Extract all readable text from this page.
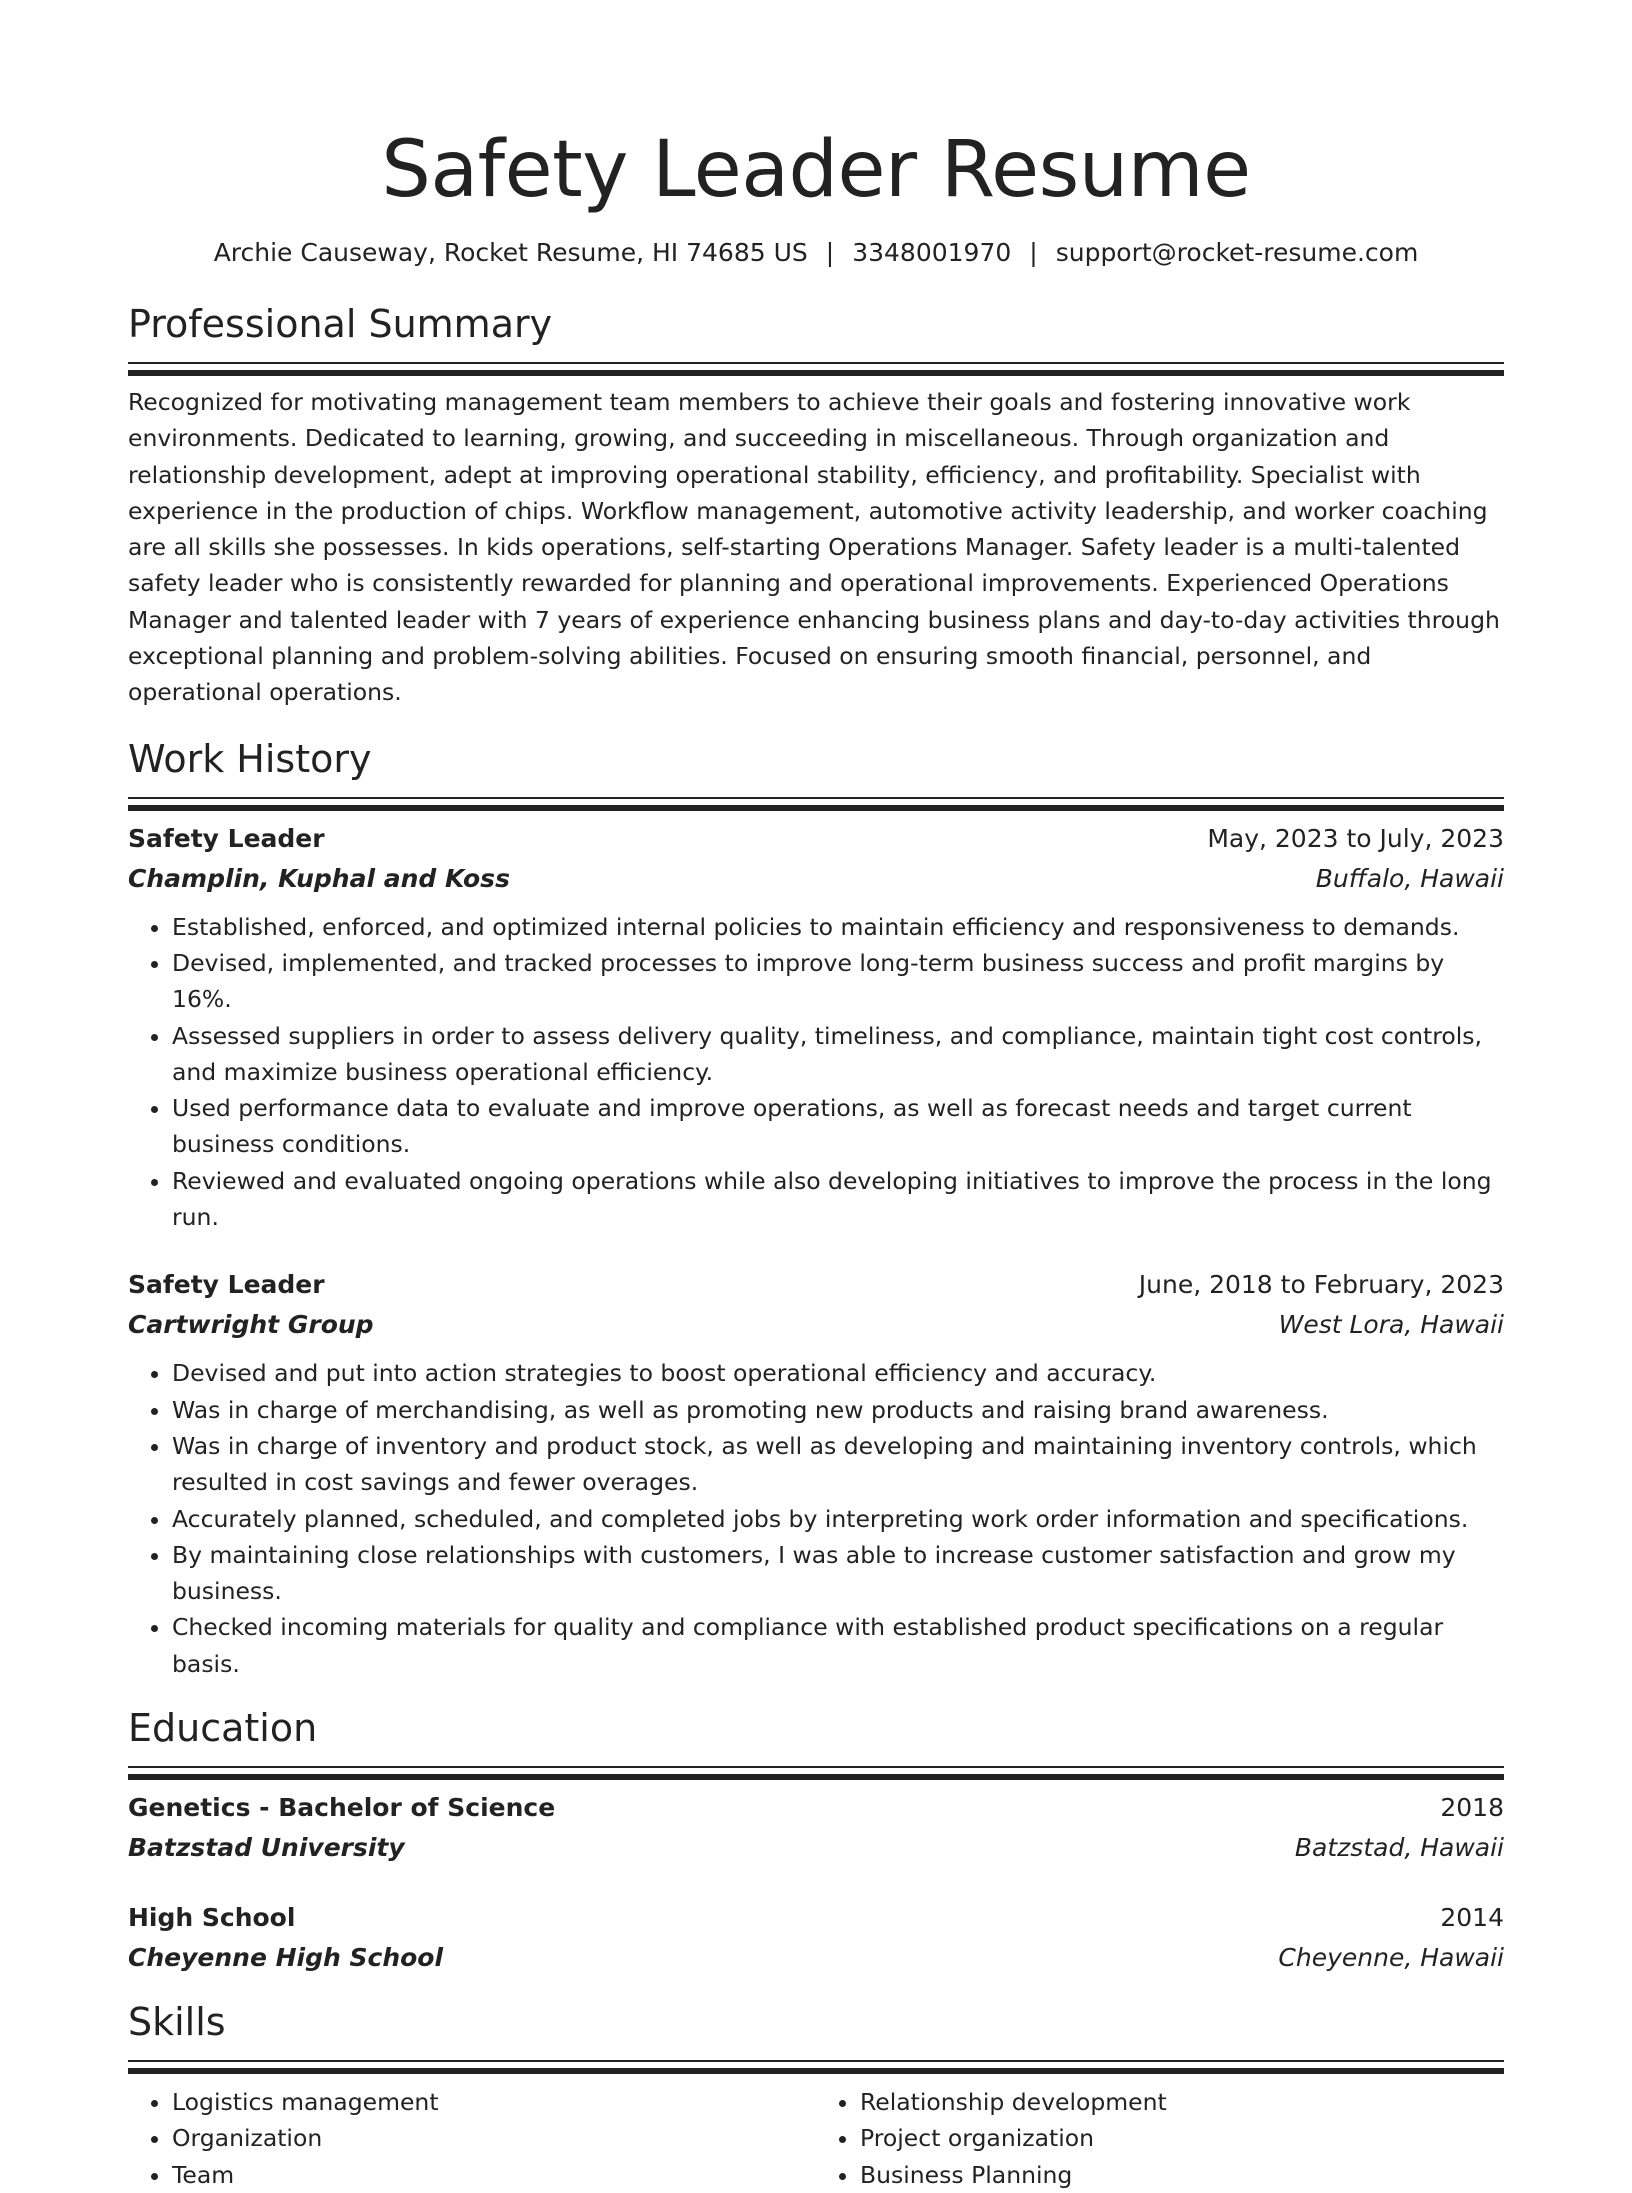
Safety Leader Resume
Archie Causeway, Rocket Resume, HI 74685 US | 3348001970 | support@rocket-resume.com
Professional Summary

Recognized for motivating management team members to achieve their goals and fostering innovative work environments. Dedicated to learning, growing, and succeeding in miscellaneous. Through organization and relationship development, adept at improving operational stability, efficiency, and profitability. Specialist with experience in the production of chips. Workflow management, automotive activity leadership, and worker coaching are all skills she possesses. In kids operations, self-starting Operations Manager. Safety leader is a multi-talented safety leader who is consistently rewarded for planning and operational improvements. Experienced Operations Manager and talented leader with 7 years of experience enhancing business plans and day-to-day activities through exceptional planning and problem-solving abilities. Focused on ensuring smooth financial, personnel, and operational operations.

Work History
Safety Leader	May, 2023 to July, 2023
Champlin, Kuphal and Koss	Buffalo, Hawaii
• Established, enforced, and optimized internal policies to maintain efficiency and responsiveness to demands.
• Devised, implemented, and tracked processes to improve long-term business success and profit margins by 16%.
• Assessed suppliers in order to assess delivery quality, timeliness, and compliance, maintain tight cost controls, and maximize business operational efficiency.
• Used performance data to evaluate and improve operations, as well as forecast needs and target current business conditions.
• Reviewed and evaluated ongoing operations while also developing initiatives to improve the process in the long run.
Safety Leader	June, 2018 to February, 2023
Cartwright Group	West Lora, Hawaii
• Devised and put into action strategies to boost operational efficiency and accuracy.
• Was in charge of merchandising, as well as promoting new products and raising brand awareness.
• Was in charge of inventory and product stock, as well as developing and maintaining inventory controls, which resulted in cost savings and fewer overages.
• Accurately planned, scheduled, and completed jobs by interpreting work order information and specifications.
• By maintaining close relationships with customers, I was able to increase customer satisfaction and grow my business.
• Checked incoming materials for quality and compliance with established product specifications on a regular basis.
Education
Genetics - Bachelor of Science	2018
Batzstad University	Batzstad, Hawaii
High School	2014
Cheyenne High School	Cheyenne, Hawaii
Skills
• Logistics management
• Organization
• Team
• Relationship development
• Project organization
• Business Planning
